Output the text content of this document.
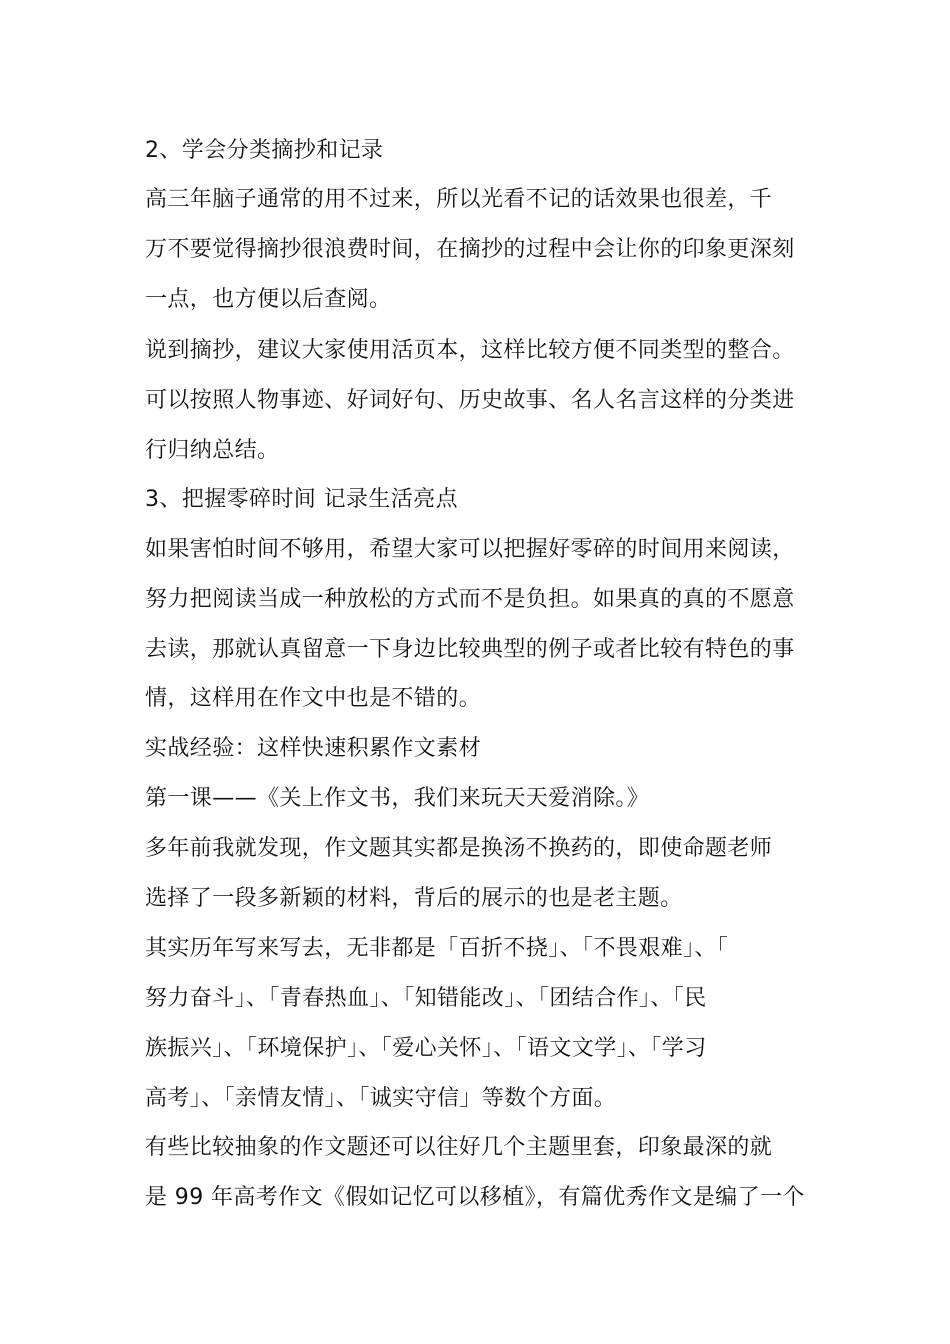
2、学会分类摘抄和记录
高三年脑子通常的用不过来，所以光看不记的话效果也很差，千
万不要觉得摘抄很浪费时间，在摘抄的过程中会让你的印象更深刻
一点，也方便以后查阅。
说到摘抄，建议大家使用活页本，这样比较方便不同类型的整合。
可以按照人物事迹、好词好句、历史故事、名人名言这样的分类进
行归纳总结。
3、把握零碎时间 记录生活亮点
如果害怕时间不够用，希望大家可以把握好零碎的时间用来阅读，
努力把阅读当成一种放松的方式而不是负担。如果真的真的不愿意
去读，那就认真留意一下身边比较典型的例子或者比较有特色的事
情，这样用在作文中也是不错的。
实战经验：这样快速积累作文素材
第一课——《关上作文书，我们来玩天天爱消除。》
多年前我就发现，作文题其实都是换汤不换药的，即使命题老师
选择了一段多新颖的材料，背后的展示的也是老主题。
其实历年写来写去，无非都是「百折不挠」、「不畏艰难」、「
努力奋斗」、「青春热血」、「知错能改」、「团结合作」、「民
族振兴」、「环境保护」、「爱心关怀」、「语文文学」、「学习
高考」、「亲情友情」、「诚实守信」等数个方面。
有些比较抽象的作文题还可以往好几个主题里套，印象最深的就
是 99 年高考作文《假如记忆可以移植》，有篇优秀作文是编了一个
